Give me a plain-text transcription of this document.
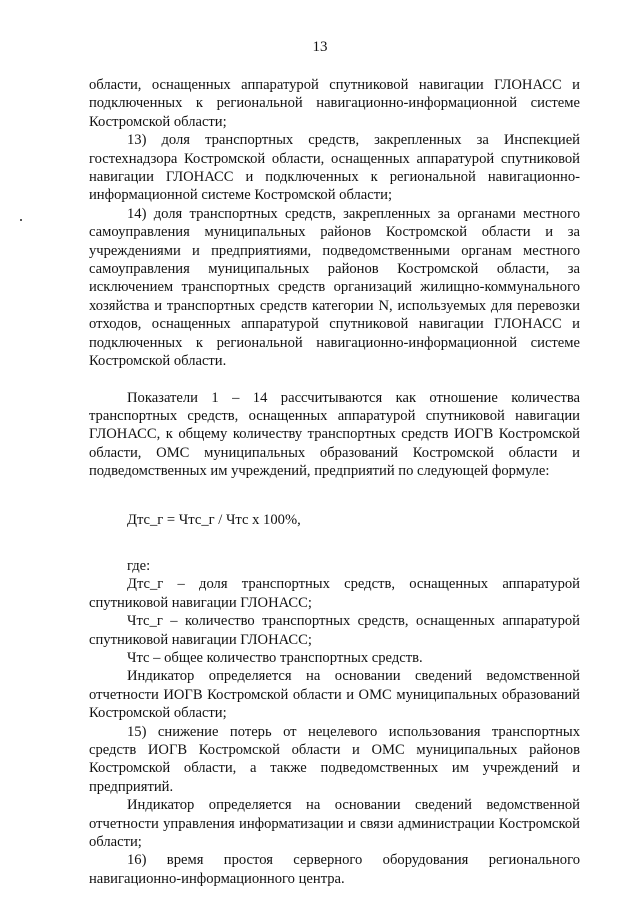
13

области, оснащенных аппаратурой спутниковой навигации ГЛОНАСС и подключенных к региональной навигационно-информационной системе Костромской области;

13) доля транспортных средств, закрепленных за Инспекцией гостехнадзора Костромской области, оснащенных аппаратурой спутниковой навигации ГЛОНАСС и подключенных к региональной навигационно-информационной системе Костромской области;

14) доля транспортных средств, закрепленных за органами местного самоуправления муниципальных районов Костромской области и за учреждениями и предприятиями, подведомственными органам местного самоуправления муниципальных районов Костромской области, за исключением транспортных средств организаций жилищно-коммунального хозяйства и транспортных средств категории N, используемых для перевозки отходов, оснащенных аппаратурой спутниковой навигации ГЛОНАСС и подключенных к региональной навигационно-информационной системе Костромской области.

Показатели 1 – 14 рассчитываются как отношение количества транспортных средств, оснащенных аппаратурой спутниковой навигации ГЛОНАСС, к общему количеству транспортных средств ИОГВ Костромской области, ОМС муниципальных образований Костромской области и подведомственных им учреждений, предприятий по следующей формуле:

Дтс_г = Чтс_г / Чтс х 100%,
где:

Дтс_г – доля транспортных средств, оснащенных аппаратурой спутниковой навигации ГЛОНАСС;

Чтс_г – количество транспортных средств, оснащенных аппаратурой спутниковой навигации ГЛОНАСС;

Чтс – общее количество транспортных средств.

Индикатор определяется на основании сведений ведомственной отчетности ИОГВ Костромской области и ОМС муниципальных образований Костромской области;

15) снижение потерь от нецелевого использования транспортных средств ИОГВ Костромской области и ОМС муниципальных районов Костромской области, а также подведомственных им учреждений и предприятий.

Индикатор определяется на основании сведений ведомственной отчетности управления информатизации и связи администрации Костромской области;

16) время простоя серверного оборудования регионального навигационно-информационного центра.
